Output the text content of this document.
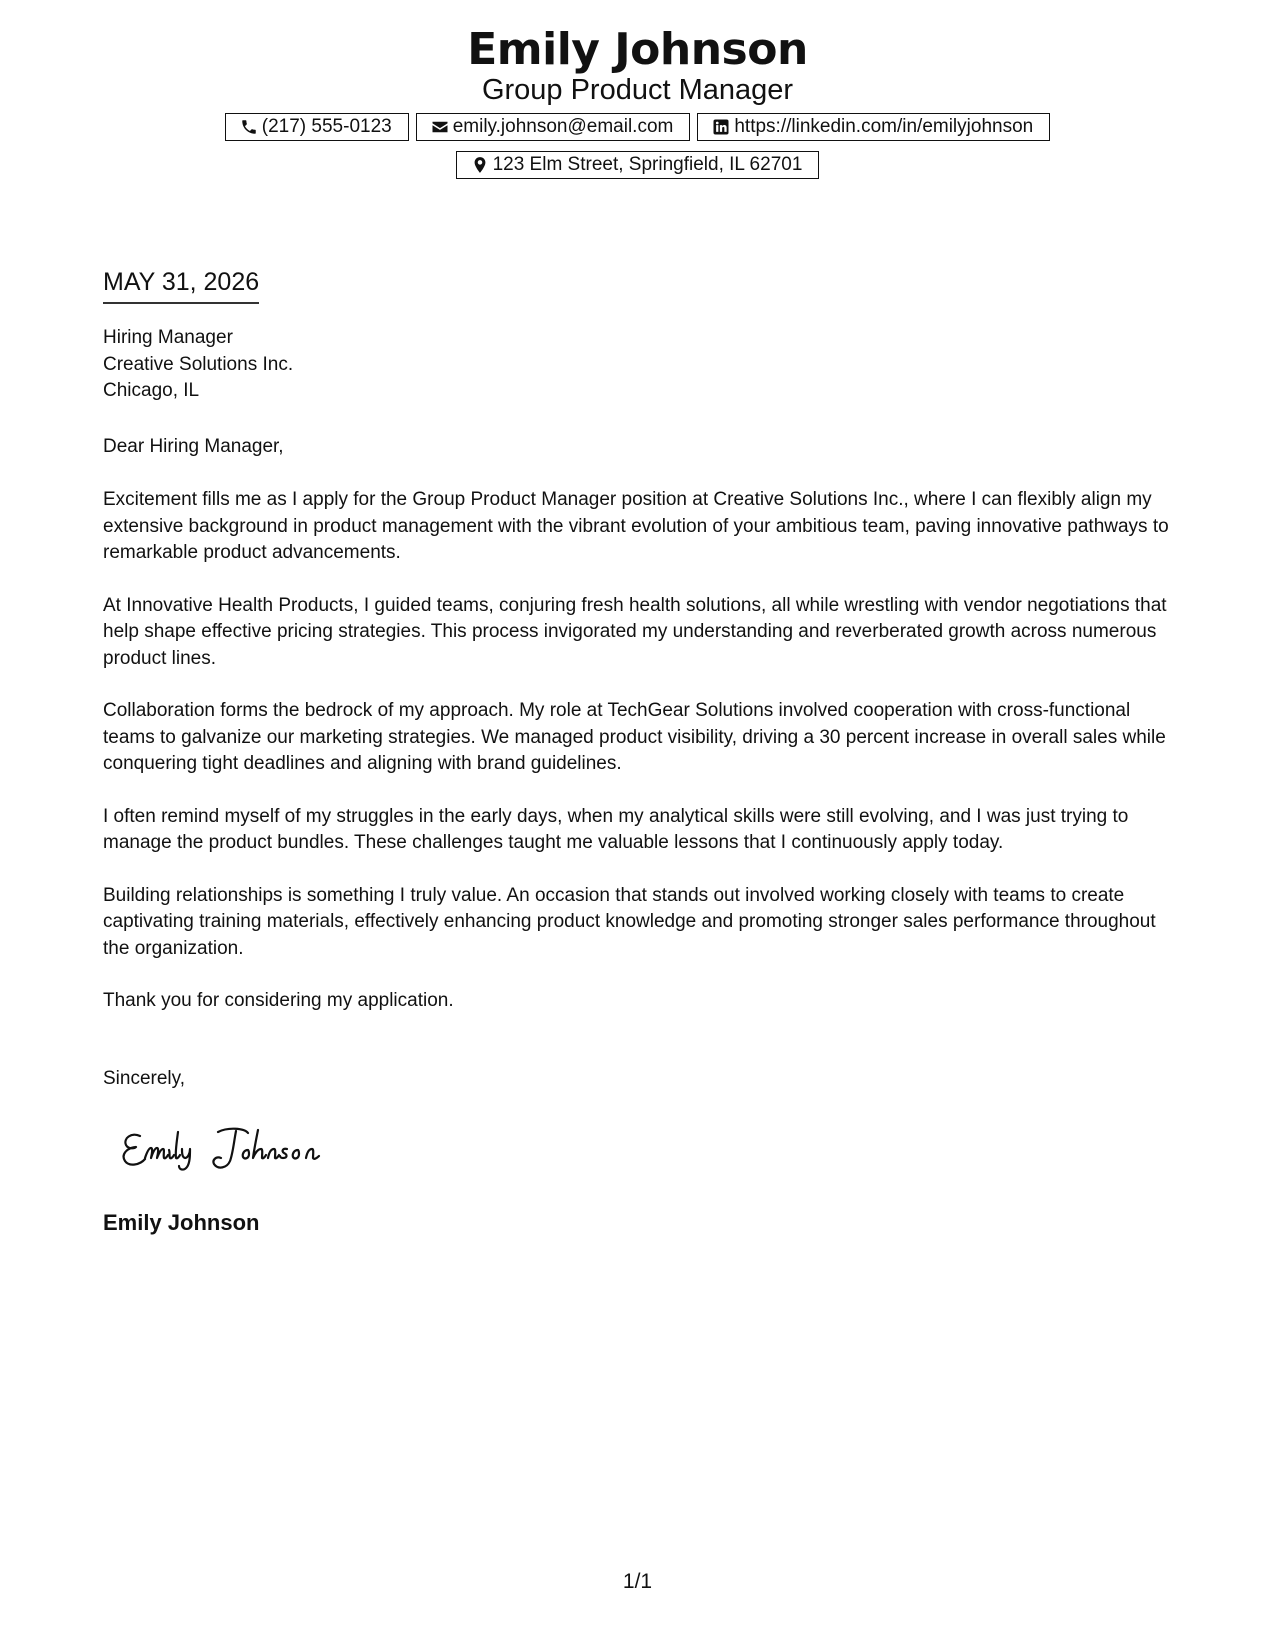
Emily Johnson
Group Product Manager
(217) 555-0123	emily.johnson@email.com	https://linkedin.com/in/emilyjohnson
123 Elm Street, Springfield, IL 62701
MAY 31, 2026
Hiring Manager
Creative Solutions Inc.
Chicago, IL
Dear Hiring Manager,

Excitement fills me as I apply for the Group Product Manager position at Creative Solutions Inc., where I can flexibly align my extensive background in product management with the vibrant evolution of your ambitious team, paving innovative pathways to remarkable product advancements.

At Innovative Health Products, I guided teams, conjuring fresh health solutions, all while wrestling with vendor negotiations that help shape effective pricing strategies. This process invigorated my understanding and reverberated growth across numerous product lines.

Collaboration forms the bedrock of my approach. My role at TechGear Solutions involved cooperation with cross-functional teams to galvanize our marketing strategies. We managed product visibility, driving a 30 percent increase in overall sales while conquering tight deadlines and aligning with brand guidelines.

I often remind myself of my struggles in the early days, when my analytical skills were still evolving, and I was just trying to manage the product bundles. These challenges taught me valuable lessons that I continuously apply today.

Building relationships is something I truly value. An occasion that stands out involved working closely with teams to create captivating training materials, effectively enhancing product knowledge and promoting stronger sales performance throughout the organization.

Thank you for considering my application.

Sincerely,
Emily Johnson
1/1
